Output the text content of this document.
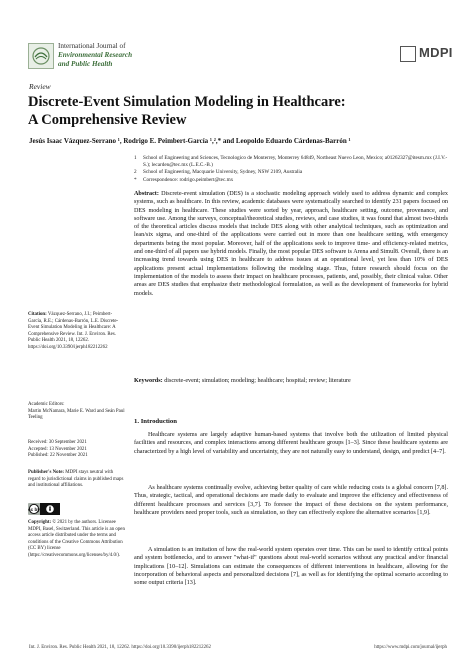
International Journal of
Environmental Research
and Public Health
MDPI
Review
Discrete-Event Simulation Modeling in Healthcare:
A Comprehensive Review
Jesús Isaac Vázquez-Serrano ¹, Rodrigo E. Peimbert-García ¹,²,* and Leopoldo Eduardo Cárdenas-Barrón ¹
1	School of Engineering and Sciences, Tecnologico de Monterrey, Monterrey 64849, Northeast Nuevo Leon, Mexico; a01262327@itesm.mx (J.I.V.-S.); lecarden@tec.mx (L.E.C.-B.)
2	School of Engineering, Macquarie University, Sydney, NSW 2109, Australia
*	Correspondence: rodrigo.peimbert@tec.mx
Abstract: Discrete-event simulation (DES) is a stochastic modeling approach widely used to address dynamic and complex systems, such as healthcare. In this review, academic databases were systematically searched to identify 231 papers focused on DES modeling in healthcare. These studies were sorted by year, approach, healthcare setting, outcome, provenance, and software use. Among the surveys, conceptual/theoretical studies, reviews, and case studies, it was found that almost two-thirds of the theoretical articles discuss models that include DES along with other analytical techniques, such as optimization and lean/six sigma, and one-third of the applications were carried out in more than one healthcare setting, with emergency departments being the most popular. Moreover, half of the applications seek to improve time- and efficiency-related metrics, and one-third of all papers use hybrid models. Finally, the most popular DES software is Arena and Simul8. Overall, there is an increasing trend towards using DES in healthcare to address issues at an operational level, yet less than 10% of DES applications present actual implementations following the modeling stage. Thus, future research should focus on the implementation of the models to assess their impact on healthcare processes, patients, and, possibly, their clinical value. Other areas are DES studies that emphasize their methodological formulation, as well as the development of frameworks for hybrid models.
Keywords: discrete-event; simulation; modeling; healthcare; hospital; review; literature
Citation: Vázquez-Serrano, J.I.; Peimbert-García, R.E.; Cárdenas-Barrón, L.E. Discrete-Event Simulation Modeling in Healthcare: A Comprehensive Review. Int. J. Environ. Res. Public Health 2021, 18, 12262. https://doi.org/10.3390/ijerph182212262
Academic Editors:
Martin McNamara, Marie E. Ward and Seán Paul Teeling
Received: 30 September 2021
Accepted: 13 November 2021
Published: 22 November 2021
Publisher's Note: MDPI stays neutral with regard to jurisdictional claims in published maps and institutional affiliations.
cc by
Copyright: © 2021 by the authors. Licensee MDPI, Basel, Switzerland. This article is an open access article distributed under the terms and conditions of the Creative Commons Attribution (CC BY) license (https://creativecommons.org/licenses/by/4.0/).
1. Introduction

Healthcare systems are largely adaptive human-based systems that involve both the utilization of limited physical facilities and resources, and complex interactions among different healthcare groups [1–3]. Since these healthcare systems are characterized by a high level of variability and uncertainty, they are not naturally easy to understand, design, and predict [4–7].

As healthcare systems continually evolve, achieving better quality of care while reducing costs is a global concern [7,8]. Thus, strategic, tactical, and operational decisions are made daily to evaluate and improve the efficiency and effectiveness of different healthcare processes and services [3,7]. To foresee the impact of these decisions on the system performance, healthcare providers need proper tools, such as simulation, so they can effectively explore the alternative scenarios [1,9].

A simulation is an imitation of how the real-world system operates over time. This can be used to identify critical points and system bottlenecks, and to answer "what-if" questions about real-world scenarios without any practical and/or financial implications [10–12]. Simulations can estimate the consequences of different interventions in healthcare, allowing for the incorporation of behavioral aspects and personalized decisions [7], as well as for identifying the optimal scenario according to some output criteria [13].

Int. J. Environ. Res. Public Health 2021, 18, 12262. https://doi.org/10.3390/ijerph182212262	https://www.mdpi.com/journal/ijerph
